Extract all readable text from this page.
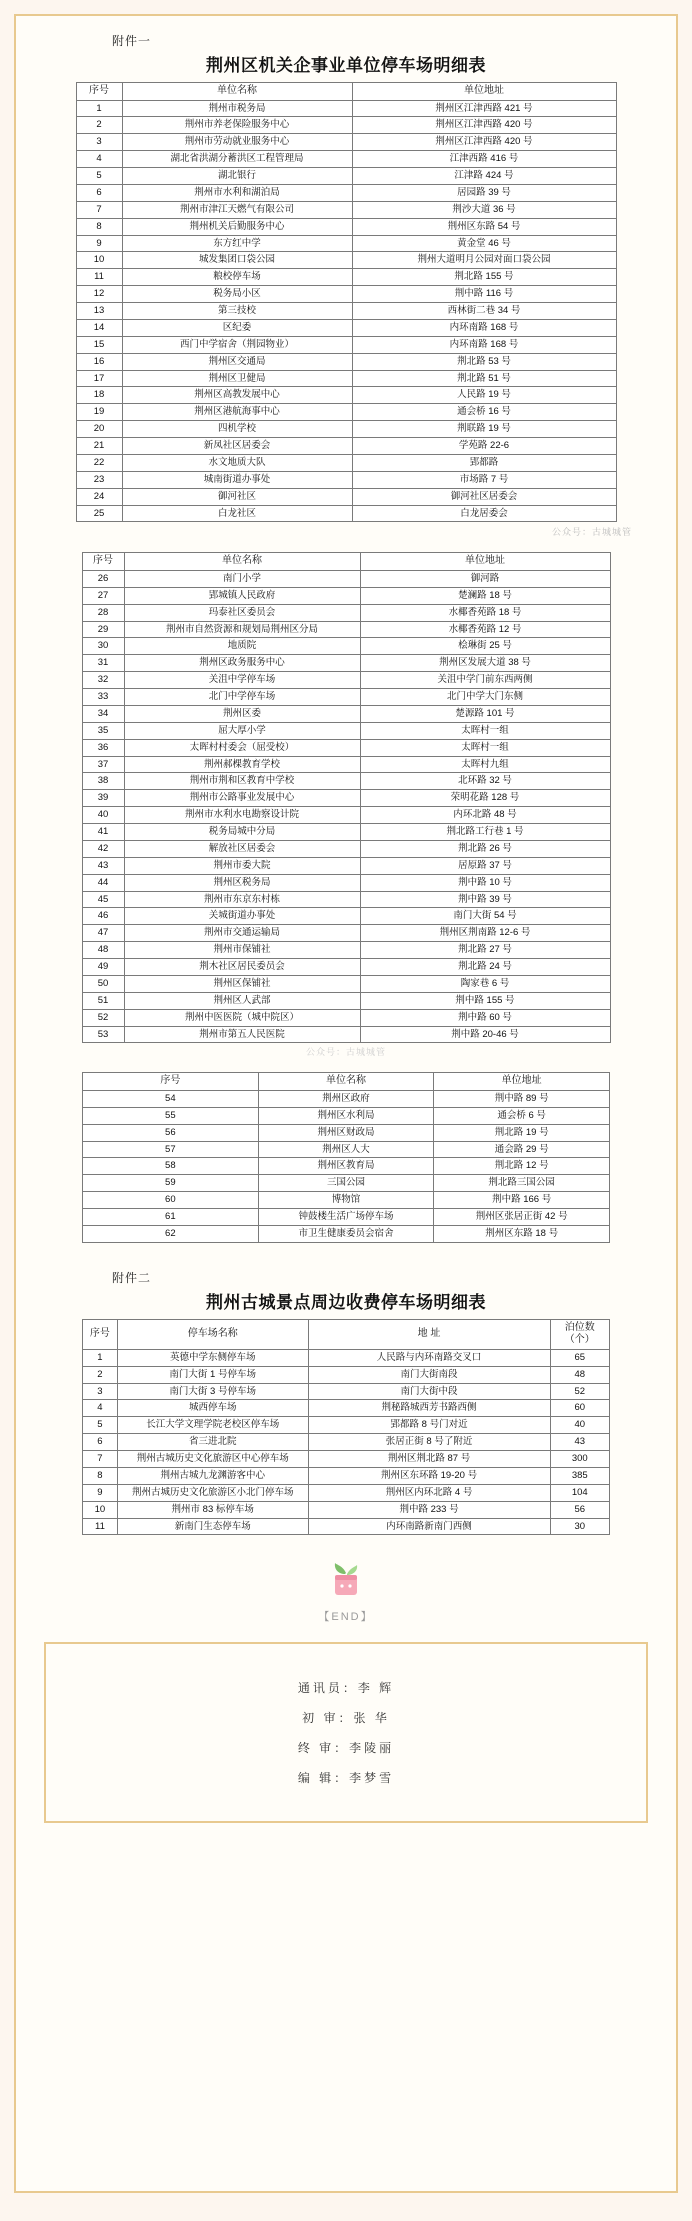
附件一
荆州区机关企事业单位停车场明细表
序号	单位名称	单位地址
1	荆州市税务局	荆州区江津西路 421 号
2	荆州市养老保险服务中心	荆州区江津西路 420 号
3	荆州市劳动就业服务中心	荆州区江津西路 420 号
4	湖北省洪湖分蓄洪区工程管理局	江津西路 416 号
5	湖北银行	江津路 424 号
6	荆州市水利和湖泊局	居园路 39 号
7	荆州市津江天燃气有限公司	荆沙大道 36 号
8	荆州机关后勤服务中心	荆州区东路 54 号
9	东方红中学	黄金堂 46 号
10	城发集团口袋公园	荆州大道明月公园对面口袋公园
11	粮校停车场	荆北路 155 号
12	税务局小区	荆中路 116 号
13	第三技校	西林街二巷 34 号
14	区纪委	内环南路 168 号
15	西门中学宿舍（荆园物业）	内环南路 168 号
16	荆州区交通局	荆北路 53 号
17	荆州区卫健局	荆北路 51 号
18	荆州区高教发展中心	人民路 19 号
19	荆州区港航海事中心	通会桥 16 号
20	四机学校	荆联路 19 号
21	新凤社区居委会	学苑路 22-6
22	水文地质大队	郢都路
23	城南街道办事处	市场路 7 号
24	御河社区	御河社区居委会
25	白龙社区	白龙居委会
公众号：古城城管
序号	单位名称	单位地址
26	南门小学	御河路
27	郢城镇人民政府	楚澜路 18 号
28	玛泰社区委员会	水椰香苑路 18 号
29	荆州市自然资源和规划局荆州区分局	水椰香苑路 12 号
30	地质院	桧琳街 25 号
31	荆州区政务服务中心	荆州区发展大道 38 号
32	关沮中学停车场	关沮中学门前东西两侧
33	北门中学停车场	北门中学大门东侧
34	荆州区委	楚源路 101 号
35	屈大厚小学	太晖村一组
36	太晖村村委会（屈受校）	太晖村一组
37	荆州郝棵教育学校	太晖村九组
38	荆州市荆和区教育中学校	北环路 32 号
39	荆州市公路事业发展中心	荣明花路 128 号
40	荆州市水利水电勘察设计院	内环北路 48 号
41	税务局城中分局	荆北路工行巷 1 号
42	解放社区居委会	荆北路 26 号
43	荆州市委大院	居原路 37 号
44	荆州区税务局	荆中路 10 号
45	荆州市东京东村栋	荆中路 39 号
46	关城街道办事处	南门大街 54 号
47	荆州市交通运输局	荆州区荆南路 12-6 号
48	荆州市保铺社	荆北路 27 号
49	荆木社区居民委员会	荆北路 24 号
50	荆州区保铺社	陶家巷 6 号
51	荆州区人武部	荆中路 155 号
52	荆州中医医院（城中院区）	荆中路 60 号
53	荆州市第五人民医院	荆中路 20-46 号
公众号：古城城管
序号	单位名称	单位地址
54	荆州区政府	荆中路 89 号
55	荆州区水利局	通会桥 6 号
56	荆州区财政局	荆北路 19 号
57	荆州区人大	通会路 29 号
58	荆州区教育局	荆北路 12 号
59	三国公园	荆北路三国公园
60	博物馆	荆中路 166 号
61	钟鼓楼生活广场停车场	荆州区张居正街 42 号
62	市卫生健康委员会宿舍	荆州区东路 18 号
附件二
荆州古城景点周边收费停车场明细表
序号	停车场名称	地 址	泊位数（个）
1	英德中学东侧停车场	人民路与内环南路交叉口	65
2	南门大街 1 号停车场	南门大街南段	48
3	南门大街 3 号停车场	南门大街中段	52
4	城西停车场	荆秘路城西芳书路西侧	60
5	长江大学文理学院老校区停车场	郢都路 8 号门对近	40
6	省三进北院	张居正街 8 号了附近	43
7	荆州古城历史文化旅游区中心停车场	荆州区荆北路 87 号	300
8	荆州古城九龙渊游客中心	荆州区东环路 19-20 号	385
9	荆州古城历史文化旅游区小北门停车场	荆州区内环北路 4 号	104
10	荆州市 83 标停车场	荆中路 233 号	56
11	新南门生态停车场	内环南路新南门西侧	30
【END】
通讯员：李 辉
初 审：张 华
终 审：李陵丽
编 辑：李梦雪
